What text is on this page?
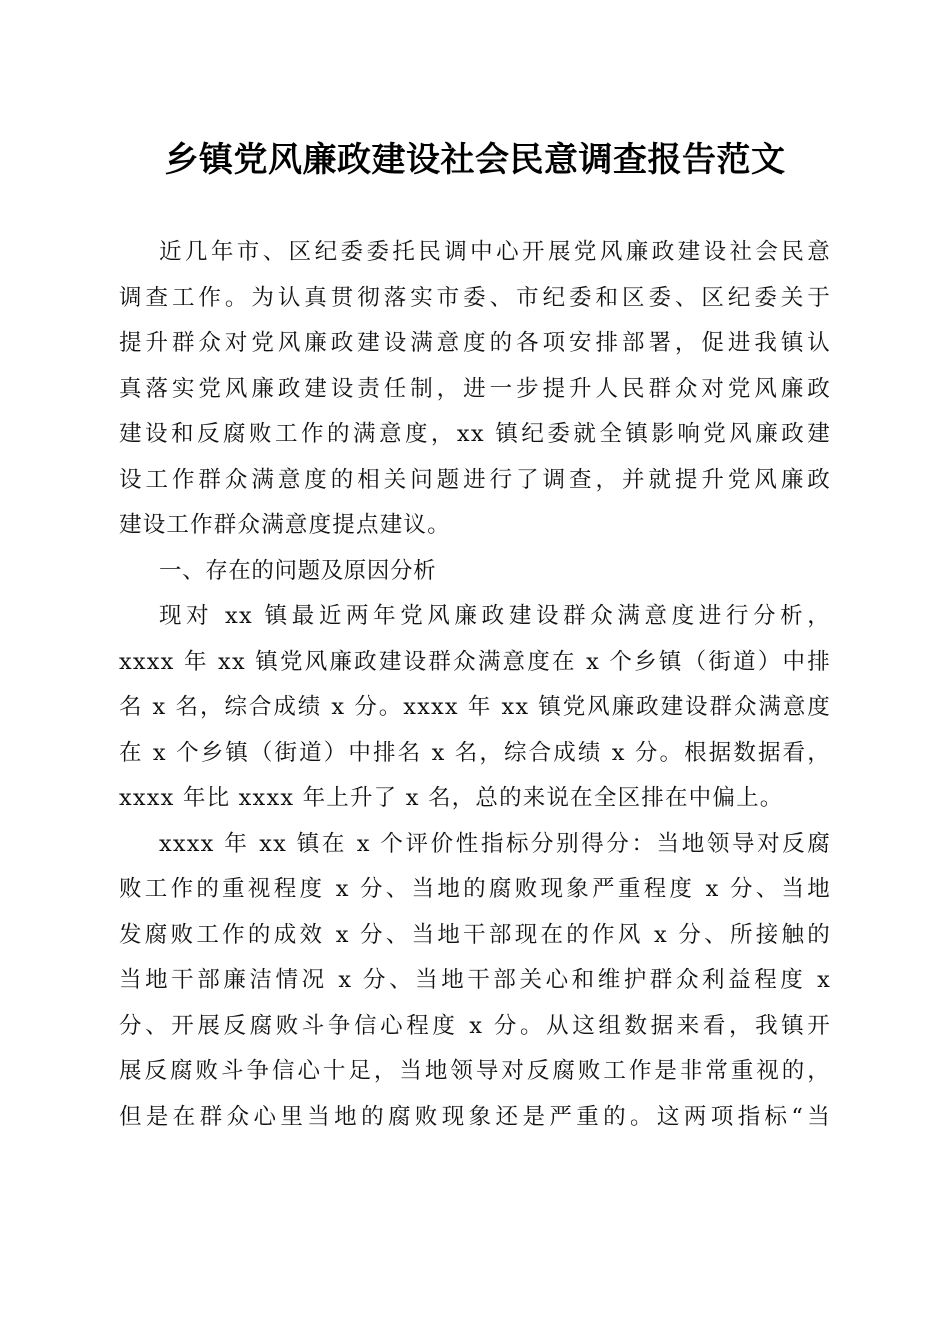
乡镇党风廉政建设社会民意调查报告范文

近几年市、区纪委委托民调中心开展党风廉政建设社会民意
调查工作。为认真贯彻落实市委、市纪委和区委、区纪委关于
提升群众对党风廉政建设满意度的各项安排部署，促进我镇认
真落实党风廉政建设责任制，进一步提升人民群众对党风廉政
建设和反腐败工作的满意度，xx 镇纪委就全镇影响党风廉政建
设工作群众满意度的相关问题进行了调查，并就提升党风廉政
建设工作群众满意度提点建议。

一、存在的问题及原因分析

现对 xx 镇最近两年党风廉政建设群众满意度进行分析，
xxxx 年 xx 镇党风廉政建设群众满意度在 x 个乡镇（街道）中排
名 x 名，综合成绩 x 分。xxxx 年 xx 镇党风廉政建设群众满意度
在 x 个乡镇（街道）中排名 x 名，综合成绩 x 分。根据数据看，
xxxx 年比 xxxx 年上升了 x 名，总的来说在全区排在中偏上。

xxxx 年 xx 镇在 x 个评价性指标分别得分：当地领导对反腐
败工作的重视程度 x 分、当地的腐败现象严重程度 x 分、当地
发腐败工作的成效 x 分、当地干部现在的作风 x 分、所接触的
当地干部廉洁情况 x 分、当地干部关心和维护群众利益程度 x
分、开展反腐败斗争信心程度 x 分。从这组数据来看，我镇开
展反腐败斗争信心十足，当地领导对反腐败工作是非常重视的，
但是在群众心里当地的腐败现象还是严重的。这两项指标“当
